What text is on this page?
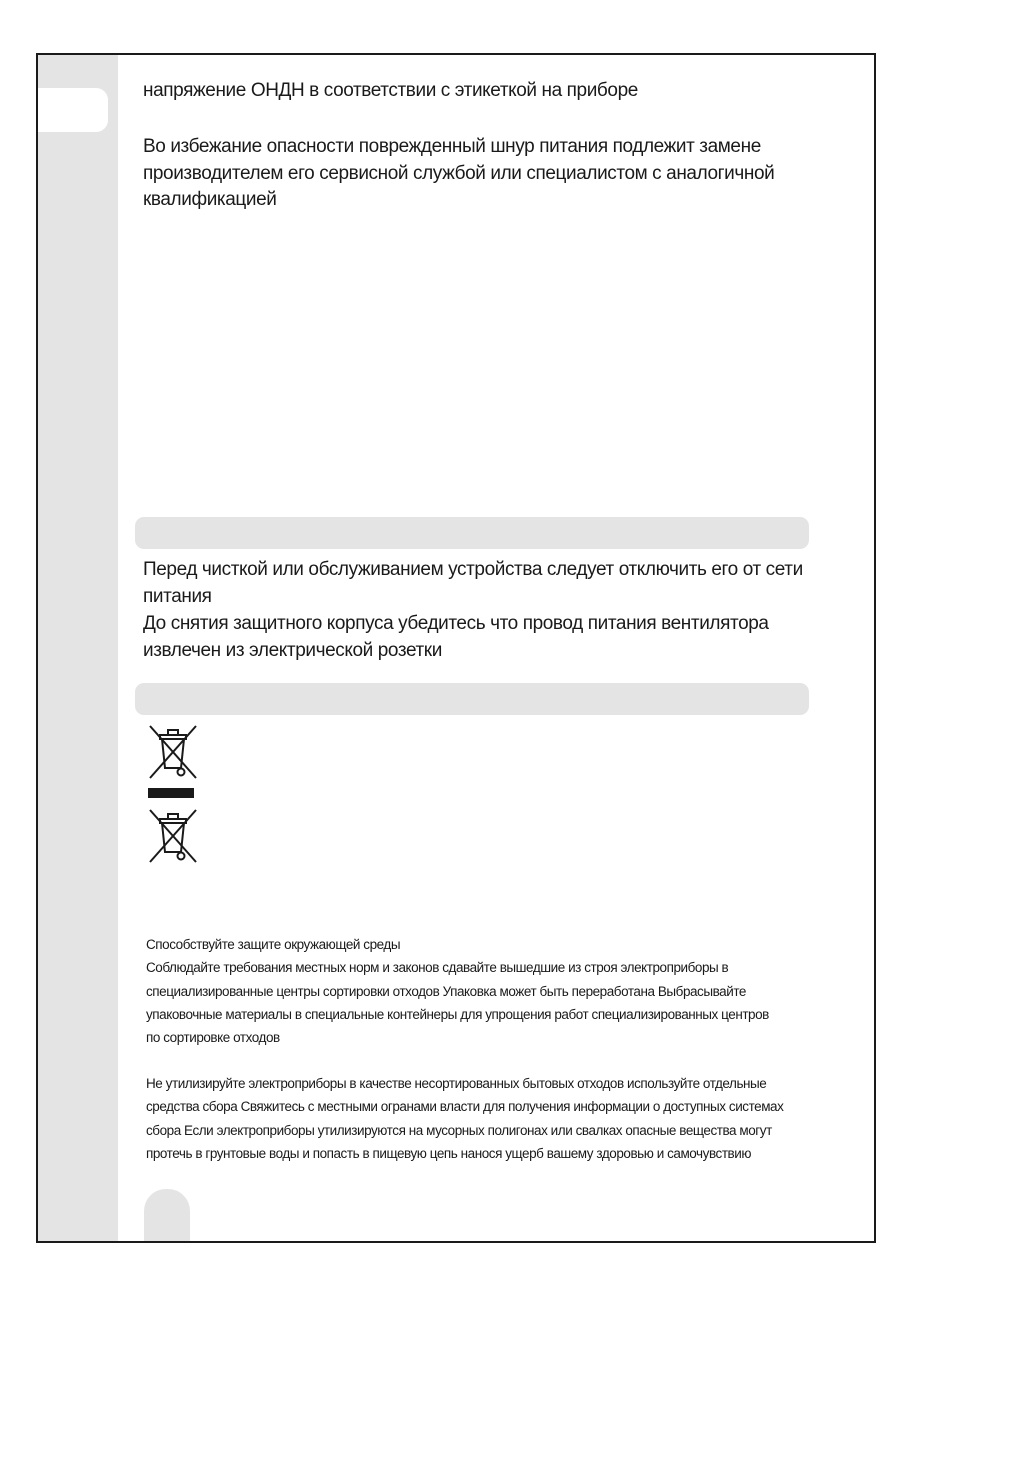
напряжение ОНДН в соответствии с этикеткой на приборе

Во избежание опасности поврежденный шнур питания подлежит замене

производителем его сервисной службой или специалистом с аналогичной

квалификацией

Перед чисткой или обслуживанием устройства следует отключить его от сети

питания

До снятия защитного корпуса убедитесь что провод питания вентилятора

извлечен из электрической розетки

Способствуйте защите окружающей среды

Соблюдайте требования местных норм и законов сдавайте вышедшие из строя электроприборы в

специализированные центры сортировки отходов Упаковка может быть переработана Выбрасывайте

упаковочные материалы в специальные контейнеры для упрощения работ специализированных центров

по сортировке отходов

Не утилизируйте электроприборы в качестве несортированных бытовых отходов используйте отдельные

средства сбора Свяжитесь с местными огранами власти для получения информации о доступных системах

сбора Если электроприборы утилизируются на мусорных полигонах или свалках опасные вещества могут

протечь в грунтовые воды и попасть в пищевую цепь нанося ущерб вашему здоровью и самочувствию
